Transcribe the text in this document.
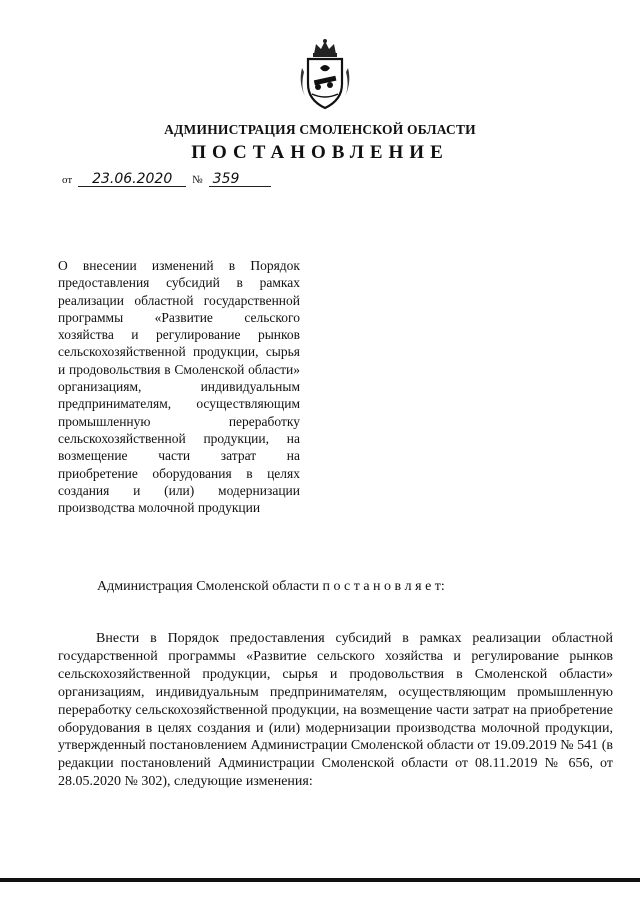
АДМИНИСТРАЦИЯ СМОЛЕНСКОЙ ОБЛАСТИ
ПОСТАНОВЛЕНИЕ
от 23.06.2020 № 359
О внесении изменений в Порядок предоставления субсидий в рамках реализации областной государственной программы «Развитие сельского хозяйства и регулирование рынков сельскохозяйственной продукции, сырья и продовольствия в Смоленской области» организациям, индивидуальным предпринимателям, осуществляющим промышленную переработку сельскохозяйственной продукции, на возмещение части затрат на приобретение оборудования в целях создания и (или) модернизации производства молочной продукции
Администрация Смоленской области п о с т а н о в л я е т:
Внести в Порядок предоставления субсидий в рамках реализации областной государственной программы «Развитие сельского хозяйства и регулирование рынков сельскохозяйственной продукции, сырья и продовольствия в Смоленской области» организациям, индивидуальным предпринимателям, осуществляющим промышленную переработку сельскохозяйственной продукции, на возмещение части затрат на приобретение оборудования в целях создания и (или) модернизации производства молочной продукции, утвержденный постановлением Администрации Смоленской области от 19.09.2019 № 541 (в редакции постановлений Администрации Смоленской области от 08.11.2019 № 656, от 28.05.2020 № 302), следующие изменения:
